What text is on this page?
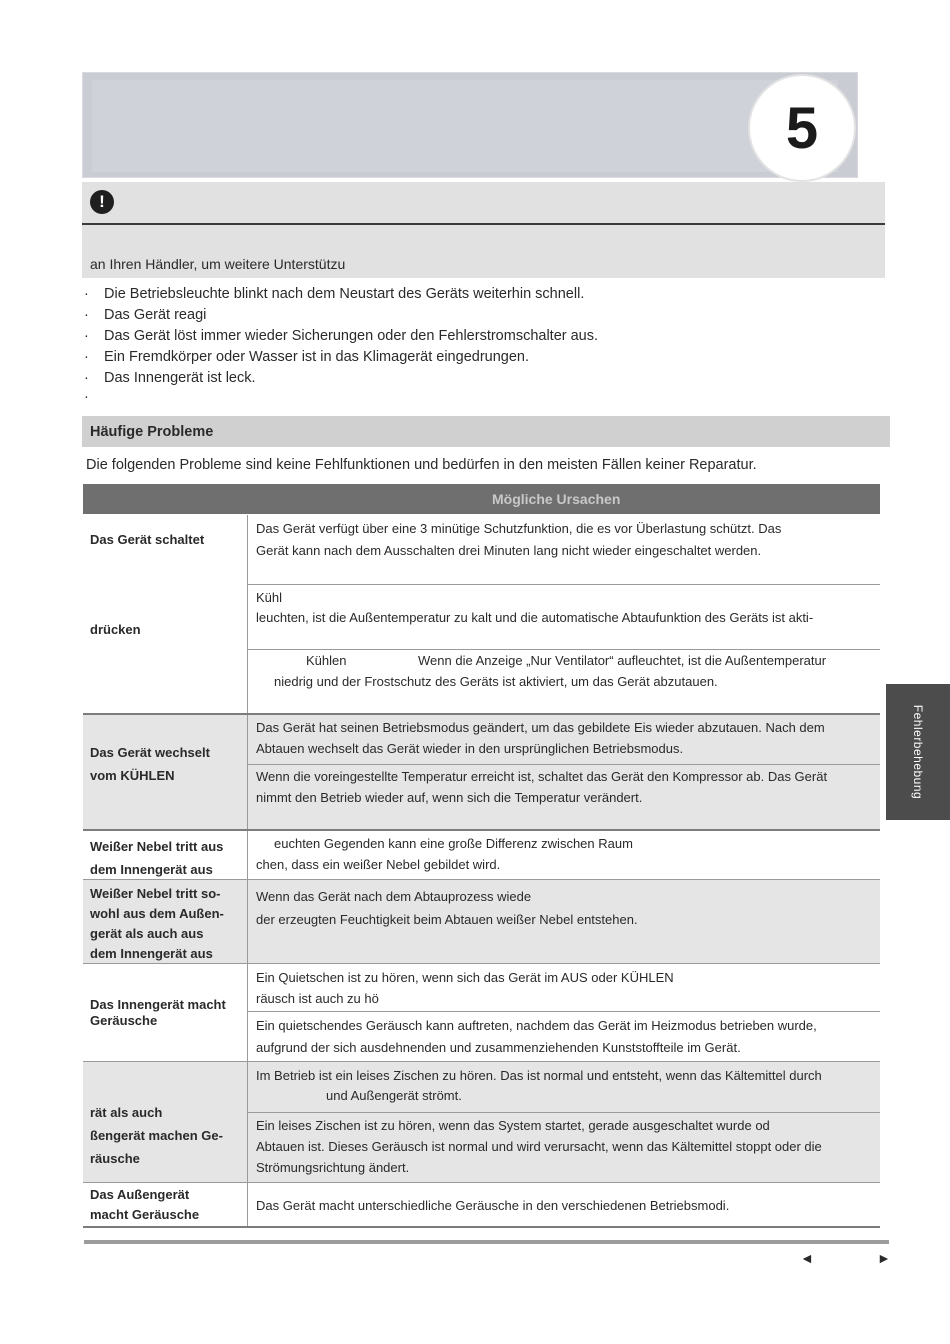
5
!
an Ihren Händler, um weitere Unterstützu
· Die Betriebsleuchte blinkt nach dem Neustart des Geräts weiterhin schnell.
· Das Gerät reagi
· Das Gerät löst immer wieder Sicherungen oder den Fehlerstromschalter aus.
· Ein Fremdkörper oder Wasser ist in das Klimagerät eingedrungen.
· Das Innengerät ist leck.
·
Häufige Probleme
Die folgenden Probleme sind keine Fehlfunktionen und bedürfen in den meisten Fällen keiner Reparatur.
Mögliche Ursachen
Das Gerät schaltet
drücken
Das Gerät wechselt
vom KÜHLEN
Weißer Nebel tritt aus
dem Innengerät aus
Weißer Nebel tritt so-
wohl aus dem Außen-
gerät als auch aus
dem Innengerät aus
Das Innengerät macht
Geräusche
rät als auch
ßengerät machen Ge-
räusche
Das Außengerät
macht Geräusche
Das Gerät verfügt über eine 3 minütige Schutzfunktion, die es vor Überlastung schützt. Das
Gerät kann nach dem Ausschalten drei Minuten lang nicht wieder eingeschaltet werden.
Kühl
leuchten, ist die Außentemperatur zu kalt und die automatische Abtaufunktion des Geräts ist akti-
Kühlen	Wenn die Anzeige „Nur Ventilator“ aufleuchtet, ist die Außentemperatur
niedrig und der Frostschutz des Geräts ist aktiviert, um das Gerät abzutauen.
Das Gerät hat seinen Betriebsmodus geändert, um das gebildete Eis wieder abzutauen. Nach dem
Abtauen wechselt das Gerät wieder in den ursprünglichen Betriebsmodus.
Wenn die voreingestellte Temperatur erreicht ist, schaltet das Gerät den Kompressor ab. Das Gerät
nimmt den Betrieb wieder auf, wenn sich die Temperatur verändert.
euchten Gegenden kann eine große Differenz zwischen Raum
chen, dass ein weißer Nebel gebildet wird.
Wenn das Gerät nach dem Abtauprozess wiede
der erzeugten Feuchtigkeit beim Abtauen weißer Nebel entstehen.
Ein Quietschen ist zu hören, wenn sich das Gerät im AUS oder KÜHLEN
räusch ist auch zu hö
Ein quietschendes Geräusch kann auftreten, nachdem das Gerät im Heizmodus betrieben wurde,
aufgrund der sich ausdehnenden und zusammenziehenden Kunststoffteile im Gerät.
Im Betrieb ist ein leises Zischen zu hören. Das ist normal und entsteht, wenn das Kältemittel durch
und Außengerät strömt.
Ein leises Zischen ist zu hören, wenn das System startet, gerade ausgeschaltet wurde od
Abtauen ist. Dieses Geräusch ist normal und wird verursacht, wenn das Kältemittel stoppt oder die
Strömungsrichtung ändert.
Das Gerät macht unterschiedliche Geräusche in den verschiedenen Betriebsmodi.
Fehlerbehebung
◄	►
